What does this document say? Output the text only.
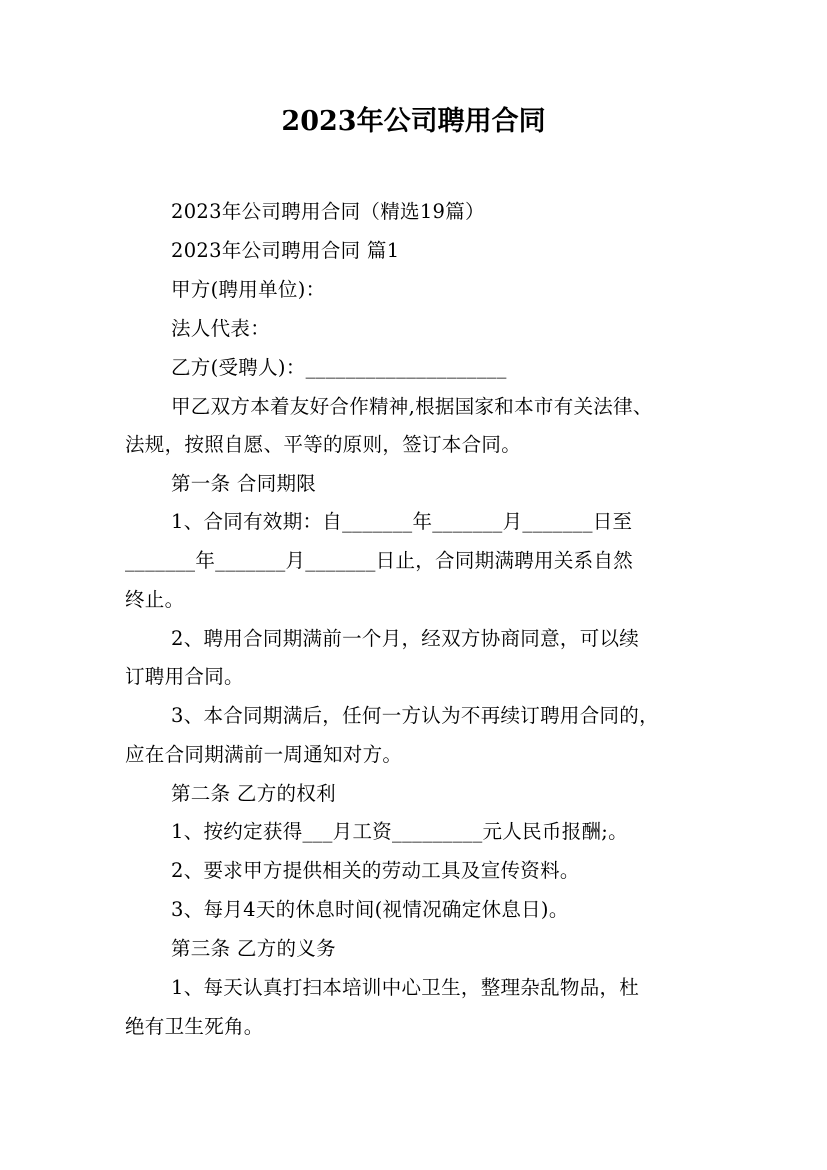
2023年公司聘用合同
2023年公司聘用合同（精选19篇）
2023年公司聘用合同 篇1
甲方(聘用单位)：
法人代表：
乙方(受聘人)：____________________
甲乙双方本着友好合作精神,根据国家和本市有关法律、
法规，按照自愿、平等的原则，签订本合同。
第一条 合同期限
1、合同有效期：自_______年_______月_______日至
_______年_______月_______日止，合同期满聘用关系自然
终止。
2、聘用合同期满前一个月，经双方协商同意，可以续
订聘用合同。
3、本合同期满后，任何一方认为不再续订聘用合同的，
应在合同期满前一周通知对方。
第二条 乙方的权利
1、按约定获得___月工资_________元人民币报酬;。
2、要求甲方提供相关的劳动工具及宣传资料。
3、每月4天的休息时间(视情况确定休息日)。
第三条 乙方的义务
1、每天认真打扫本培训中心卫生，整理杂乱物品，杜
绝有卫生死角。
